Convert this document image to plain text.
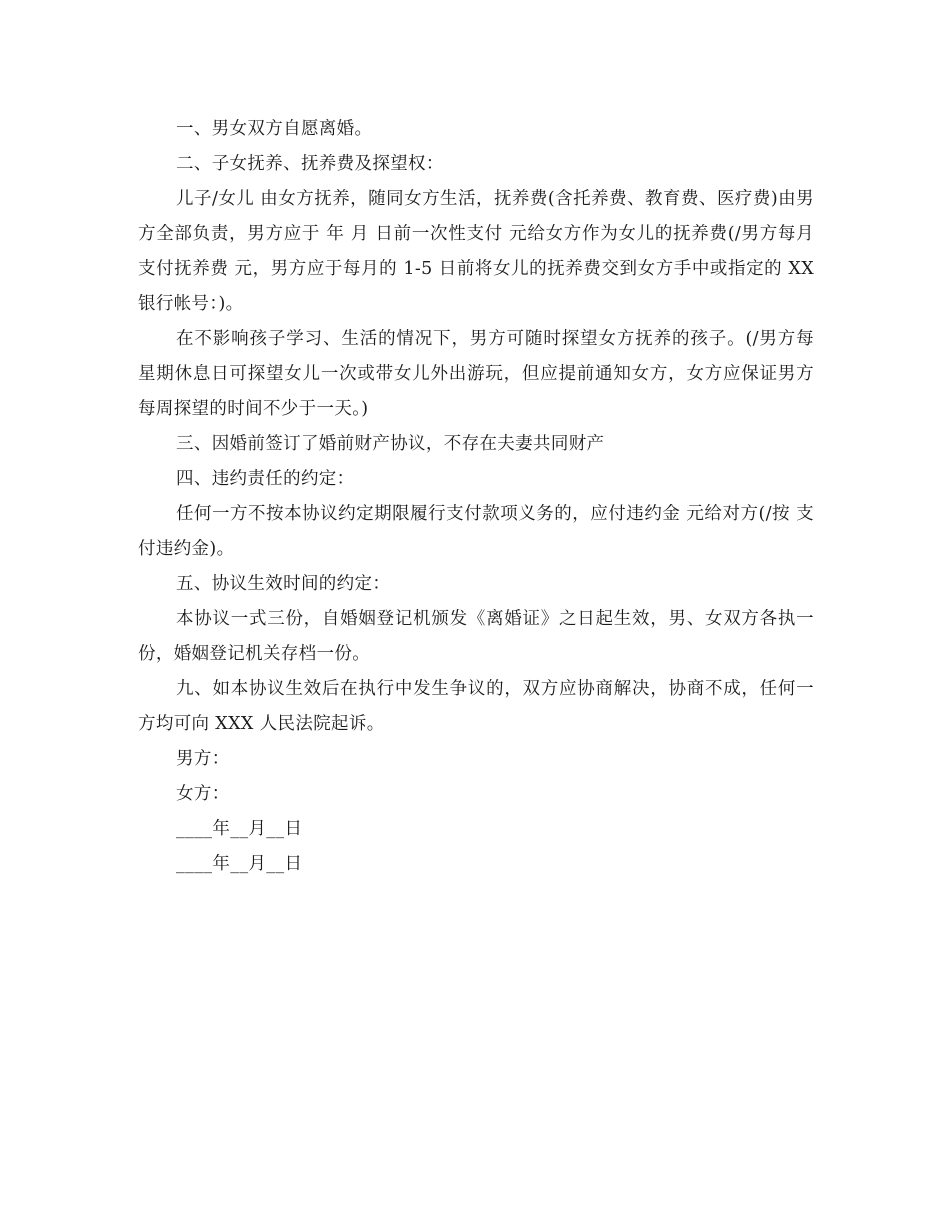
一、男女双方自愿离婚。

二、子女抚养、抚养费及探望权：

儿子/女儿 由女方抚养，随同女方生活，抚养费(含托养费、教育费、医疗费)由男方全部负责，男方应于 年 月 日前一次性支付 元给女方作为女儿的抚养费(/男方每月支付抚养费 元，男方应于每月的 1-5 日前将女儿的抚养费交到女方手中或指定的 XX 银行帐号：)。

在不影响孩子学习、生活的情况下，男方可随时探望女方抚养的孩子。(/男方每星期休息日可探望女儿一次或带女儿外出游玩，但应提前通知女方，女方应保证男方每周探望的时间不少于一天。)

三、因婚前签订了婚前财产协议，不存在夫妻共同财产

四、违约责任的约定：

任何一方不按本协议约定期限履行支付款项义务的，应付违约金 元给对方(/按 支付违约金)。

五、协议生效时间的约定：

本协议一式三份，自婚姻登记机颁发《离婚证》之日起生效，男、女双方各执一份，婚姻登记机关存档一份。

九、如本协议生效后在执行中发生争议的，双方应协商解决，协商不成，任何一方均可向 XXX 人民法院起诉。

男方：

女方：

____年__月__日

____年__月__日
